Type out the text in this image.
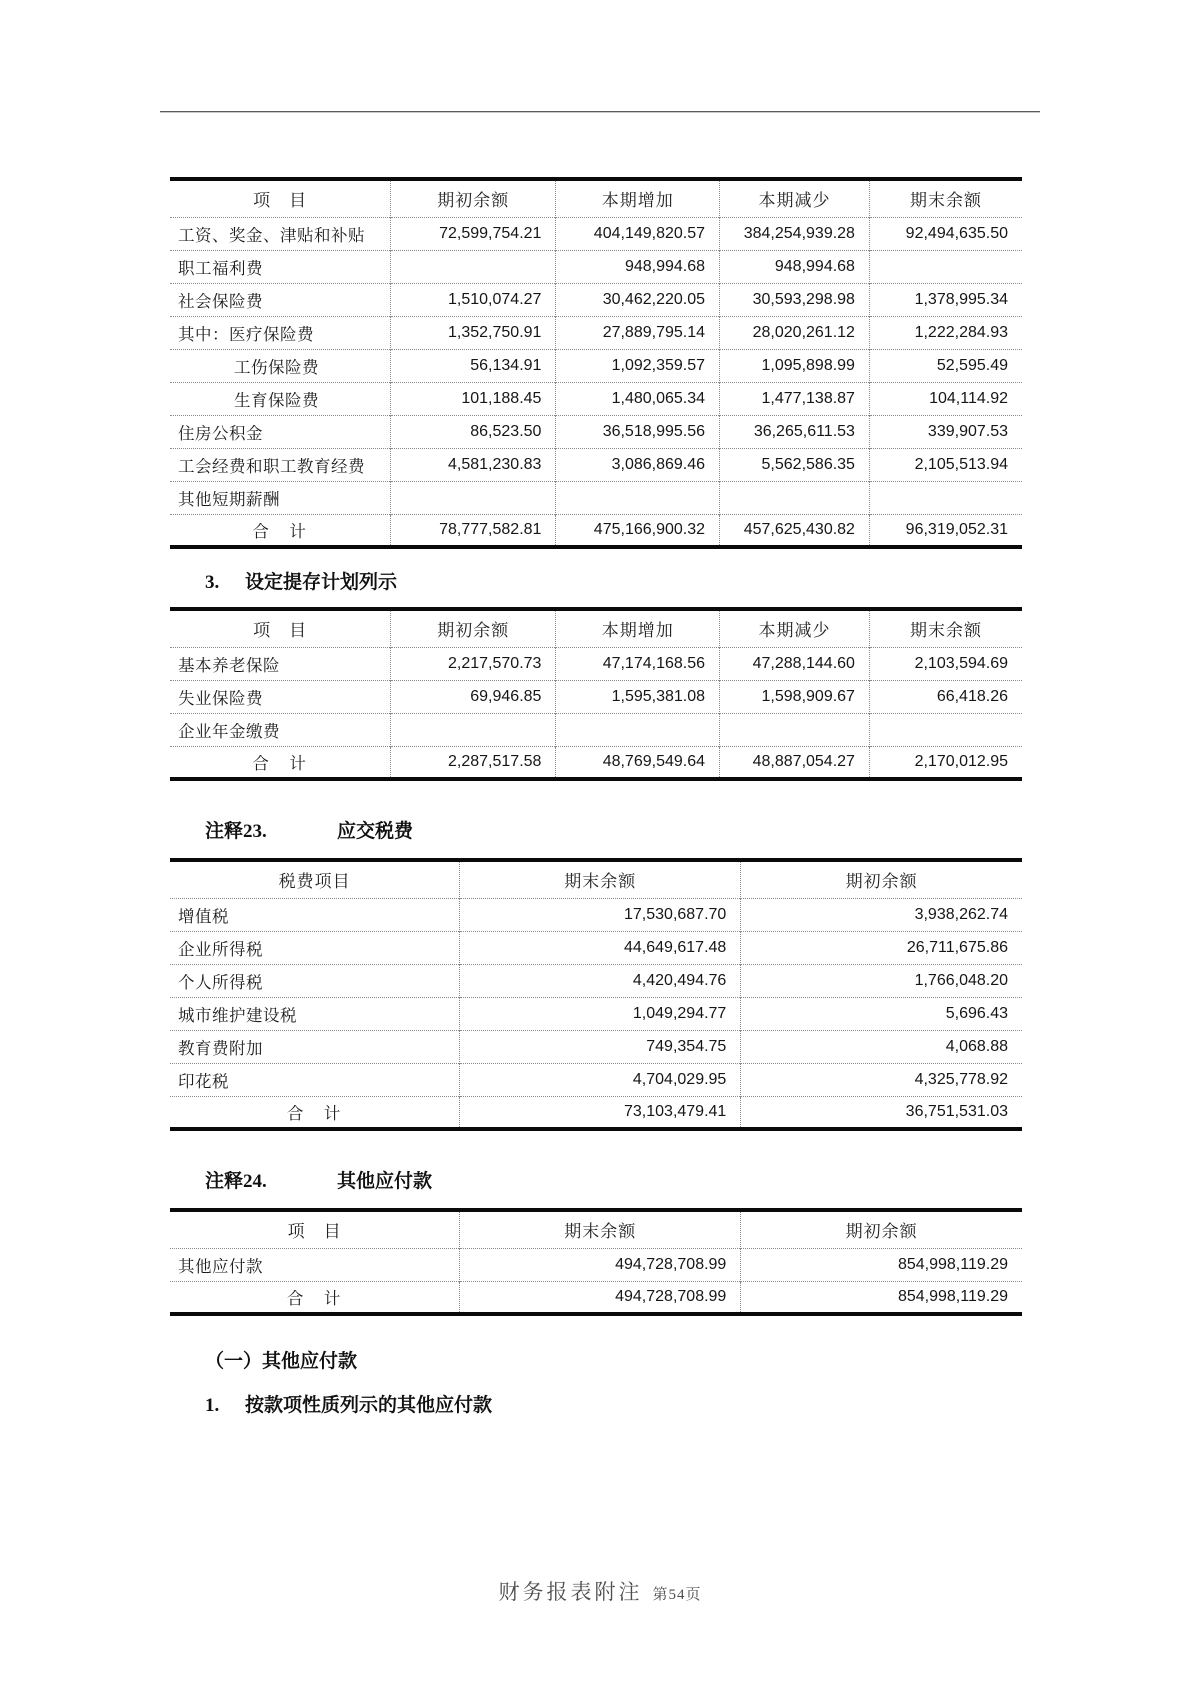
项　目	期初余额	本期增加	本期减少	期末余额
工资、奖金、津贴和补贴	72,599,754.21	404,149,820.57	384,254,939.28	92,494,635.50
职工福利费		948,994.68	948,994.68	
社会保险费	1,510,074.27	30,462,220.05	30,593,298.98	1,378,995.34
其中：医疗保险费	1,352,750.91	27,889,795.14	28,020,261.12	1,222,284.93
工伤保险费	56,134.91	1,092,359.57	1,095,898.99	52,595.49
生育保险费	101,188.45	1,480,065.34	1,477,138.87	104,114.92
住房公积金	86,523.50	36,518,995.56	36,265,611.53	339,907.53
工会经费和职工教育经费	4,581,230.83	3,086,869.46	5,562,586.35	2,105,513.94
其他短期薪酬				
合　计	78,777,582.81	475,166,900.32	457,625,430.82	96,319,052.31
3. 设定提存计划列示
项　目	期初余额	本期增加	本期减少	期末余额
基本养老保险	2,217,570.73	47,174,168.56	47,288,144.60	2,103,594.69
失业保险费	69,946.85	1,595,381.08	1,598,909.67	66,418.26
企业年金缴费				
合　计	2,287,517.58	48,769,549.64	48,887,054.27	2,170,012.95
注释23.	应交税费
税费项目	期末余额	期初余额
增值税	17,530,687.70	3,938,262.74
企业所得税	44,649,617.48	26,711,675.86
个人所得税	4,420,494.76	1,766,048.20
城市维护建设税	1,049,294.77	5,696.43
教育费附加	749,354.75	4,068.88
印花税	4,704,029.95	4,325,778.92
合　计	73,103,479.41	36,751,531.03
注释24.	其他应付款
项　目	期末余额	期初余额
其他应付款	494,728,708.99	854,998,119.29
合　计	494,728,708.99	854,998,119.29
（一）其他应付款
1. 按款项性质列示的其他应付款
财务报表附注 第54页
